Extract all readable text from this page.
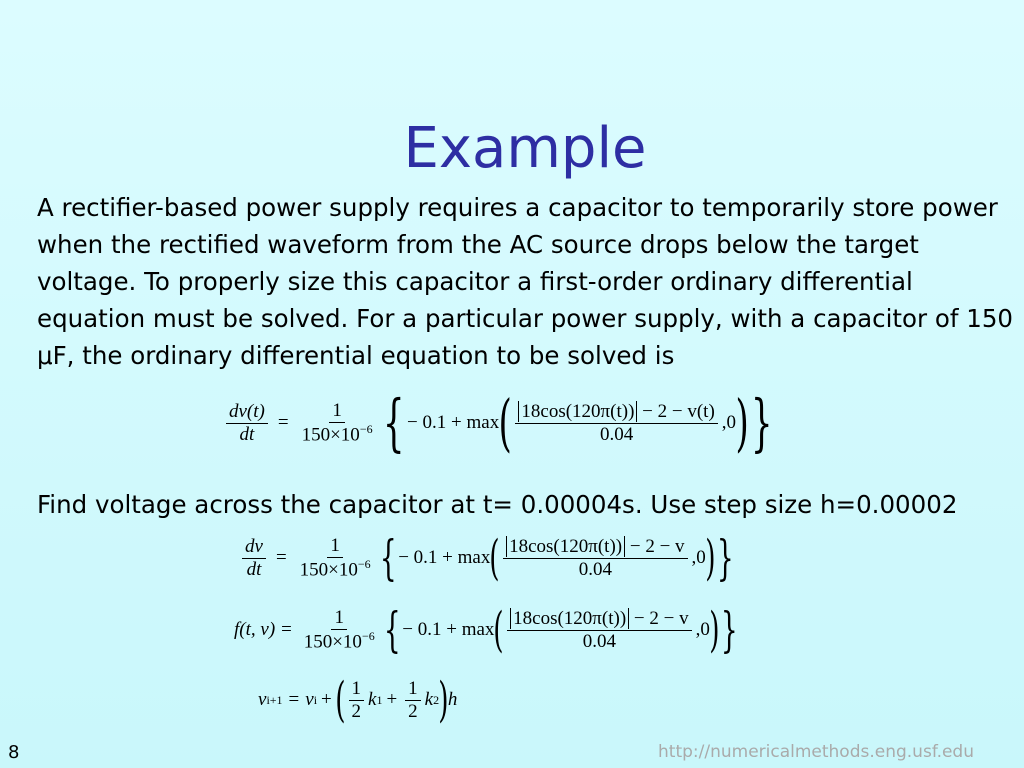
Example

A rectifier-based power supply requires a capacitor to temporarily store power when the rectified waveform from the AC source drops below the target voltage. To properly size this capacitor a first-order ordinary differential equation must be solved. For a particular power supply, with a capacitor of 150 μF, the ordinary differential equation to be solved is

$\frac{dv(t)}{dt} = \frac{1}{150\times 10^{-6}}$ { − 0.1 + max ( $\frac{18\cos(120\pi(t)) - 2 - v(t)}{0.04} ,0$ ) }

Find voltage across the capacitor at t= 0.00004s. Use step size h=0.00002

$\frac{dv}{dt} = \frac{1}{150\times 10^{-6}}$ { − 0.1 + max ( $\frac{18\cos(120\pi(t)) - 2 - v}{0.04} ,0$ ) }
f(t, $v) = \frac{1}{150\times 10^{-6}}$ { − 0.1 + max ( $\frac{18\cos(120\pi(t)) - 2 - v}{0.04} ,0$ ) }
v i+1 = v i + ( $\frac{1}{2}$ k $1 + \frac{1}{2}$ k 2 ) h
8	http://numericalmethods.eng.usf.edu
